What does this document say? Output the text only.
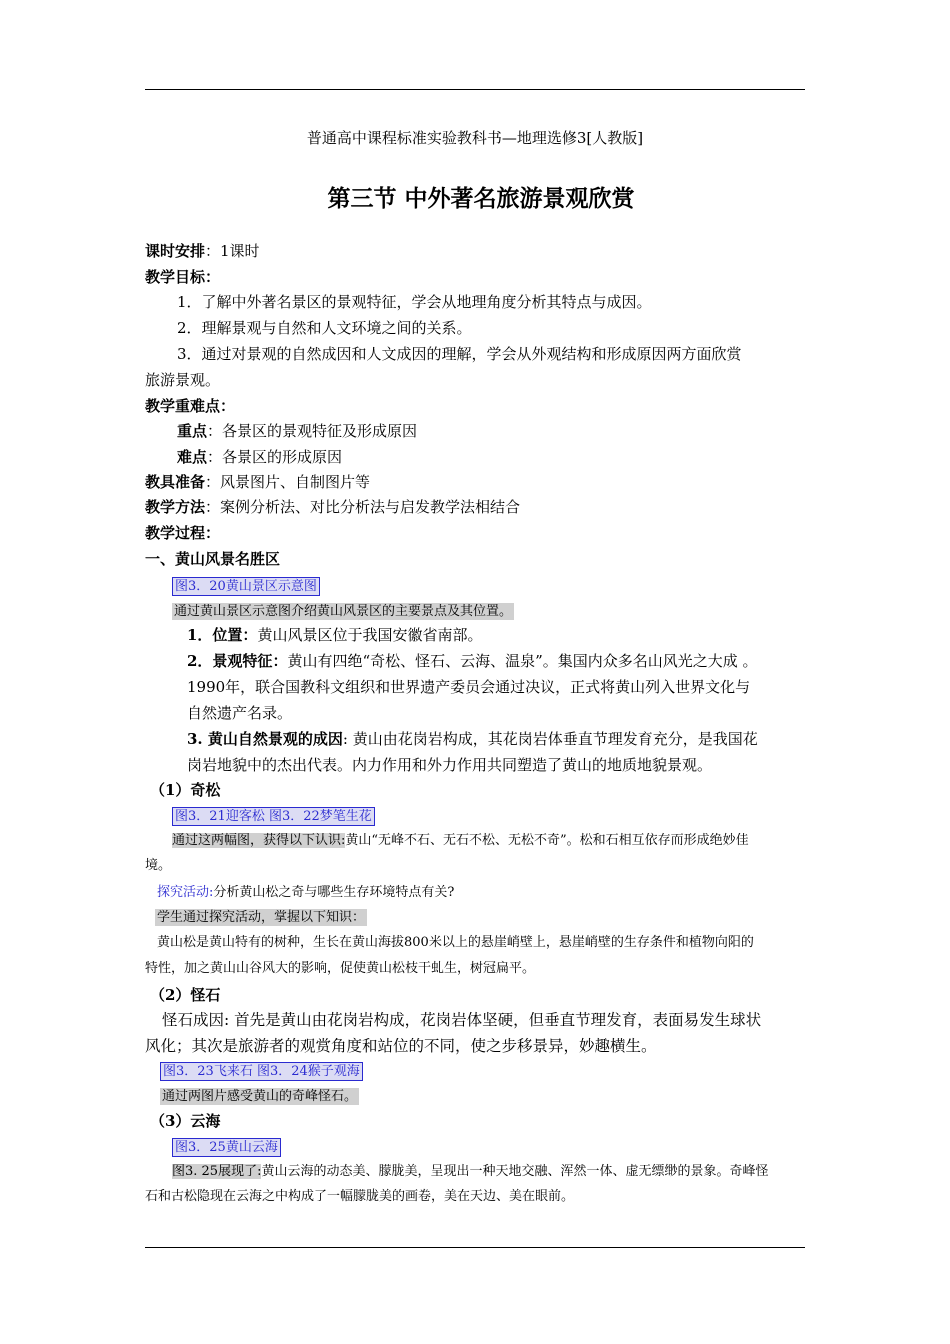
普通高中课程标准实验教科书—地理选修3[人教版]
第三节 中外著名旅游景观欣赏
课时安排：1课时
教学目标：
1．了解中外著名景区的景观特征，学会从地理角度分析其特点与成因。
2．理解景观与自然和人文环境之间的关系。
3．通过对景观的自然成因和人文成因的理解，学会从外观结构和形成原因两方面欣赏
旅游景观。
教学重难点：
重点：各景区的景观特征及形成原因
难点：各景区的形成原因
教具准备：风景图片、自制图片等
教学方法：案例分析法、对比分析法与启发教学法相结合
教学过程：
一、黄山风景名胜区
图3．20黄山景区示意图
通过黄山景区示意图介绍黄山风景区的主要景点及其位置。
1．位置：黄山风景区位于我国安徽省南部。
2．景观特征：黄山有四绝“奇松、怪石、云海、温泉”。集国内众多名山风光之大成 。
1990年，联合国教科文组织和世界遗产委员会通过决议，正式将黄山列入世界文化与
自然遗产名录。
3. 黄山自然景观的成因: 黄山由花岗岩构成，其花岗岩体垂直节理发育充分，是我国花
岗岩地貌中的杰出代表。内力作用和外力作用共同塑造了黄山的地质地貌景观。
（1）奇松
图3．21迎客松 图3．22梦笔生花
通过这两幅图，获得以下认识:黄山“无峰不石、无石不松、无松不奇”。松和石相互依存而形成绝妙佳
境。
探究活动:分析黄山松之奇与哪些生存环境特点有关?
学生通过探究活动，掌握以下知识：
黄山松是黄山特有的树种，生长在黄山海拔800米以上的悬崖峭壁上，悬崖峭壁的生存条件和植物向阳的
特性，加之黄山山谷风大的影响，促使黄山松枝干虬生，树冠扁平。
（2）怪石
怪石成因: 首先是黄山由花岗岩构成，花岗岩体坚硬，但垂直节理发育，表面易发生球状
风化；其次是旅游者的观赏角度和站位的不同，使之步移景异，妙趣横生。
图3．23飞来石 图3．24猴子观海
通过两图片感受黄山的奇峰怪石。
（3）云海
图3．25黄山云海
图3. 25展现了:黄山云海的动态美、朦胧美，呈现出一种天地交融、浑然一体、虚无缥缈的景象。奇峰怪
石和古松隐现在云海之中构成了一幅朦胧美的画卷，美在天边、美在眼前。
